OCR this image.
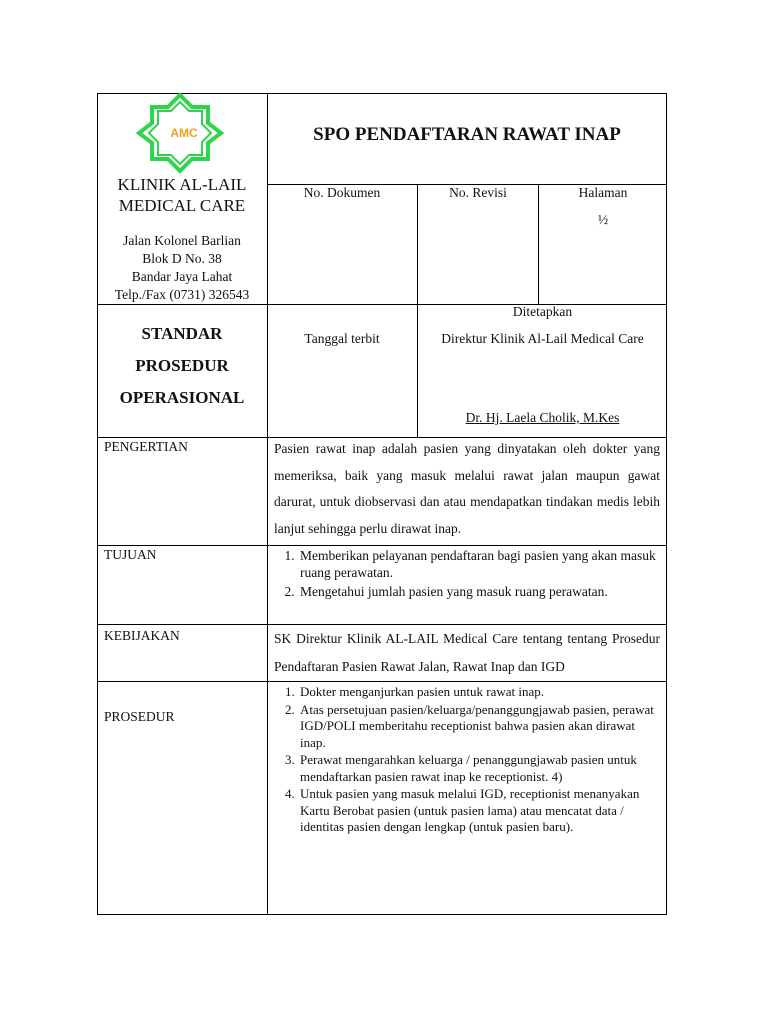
AMC
KLINIK AL-LAIL
MEDICAL CARE
Jalan Kolonel Barlian
Blok D No. 38
Bandar Jaya Lahat
Telp./Fax (0731) 326543
SPO PENDAFTARAN RAWAT INAP
No. Dokumen	No. Revisi	Halaman
½
STANDAR
PROSEDUR
OPERASIONAL
Tanggal terbit
Ditetapkan
Direktur Klinik Al-Lail Medical Care
Dr. Hj. Laela Cholik, M.Kes
PENGERTIAN	Pasien rawat inap adalah pasien yang dinyatakan oleh dokter yang memeriksa, baik yang masuk melalui rawat jalan maupun gawat darurat, untuk diobservasi dan atau mendapatkan tindakan medis lebih lanjut sehingga perlu dirawat inap.
TUJUAN
1.	Memberikan pelayanan pendaftaran bagi pasien yang akan masuk ruang perawatan.
2. Mengetahui jumlah pasien yang masuk ruang perawatan.
KEBIJAKAN	SK Direktur Klinik AL-LAIL Medical Care tentang tentang Prosedur Pendaftaran Pasien Rawat Jalan, Rawat Inap dan IGD
PROSEDUR
1. Dokter menganjurkan pasien untuk rawat inap.
2. Atas persetujuan pasien/keluarga/penanggungjawab pasien, perawat IGD/POLI memberitahu receptionist bahwa pasien akan dirawat inap.
3. Perawat mengarahkan keluarga / penanggungjawab pasien untuk mendaftarkan pasien rawat inap ke receptionist. 4)
4. Untuk pasien yang masuk melalui IGD, receptionist menanyakan Kartu Berobat pasien (untuk pasien lama) atau mencatat data / identitas pasien dengan lengkap (untuk pasien baru).
